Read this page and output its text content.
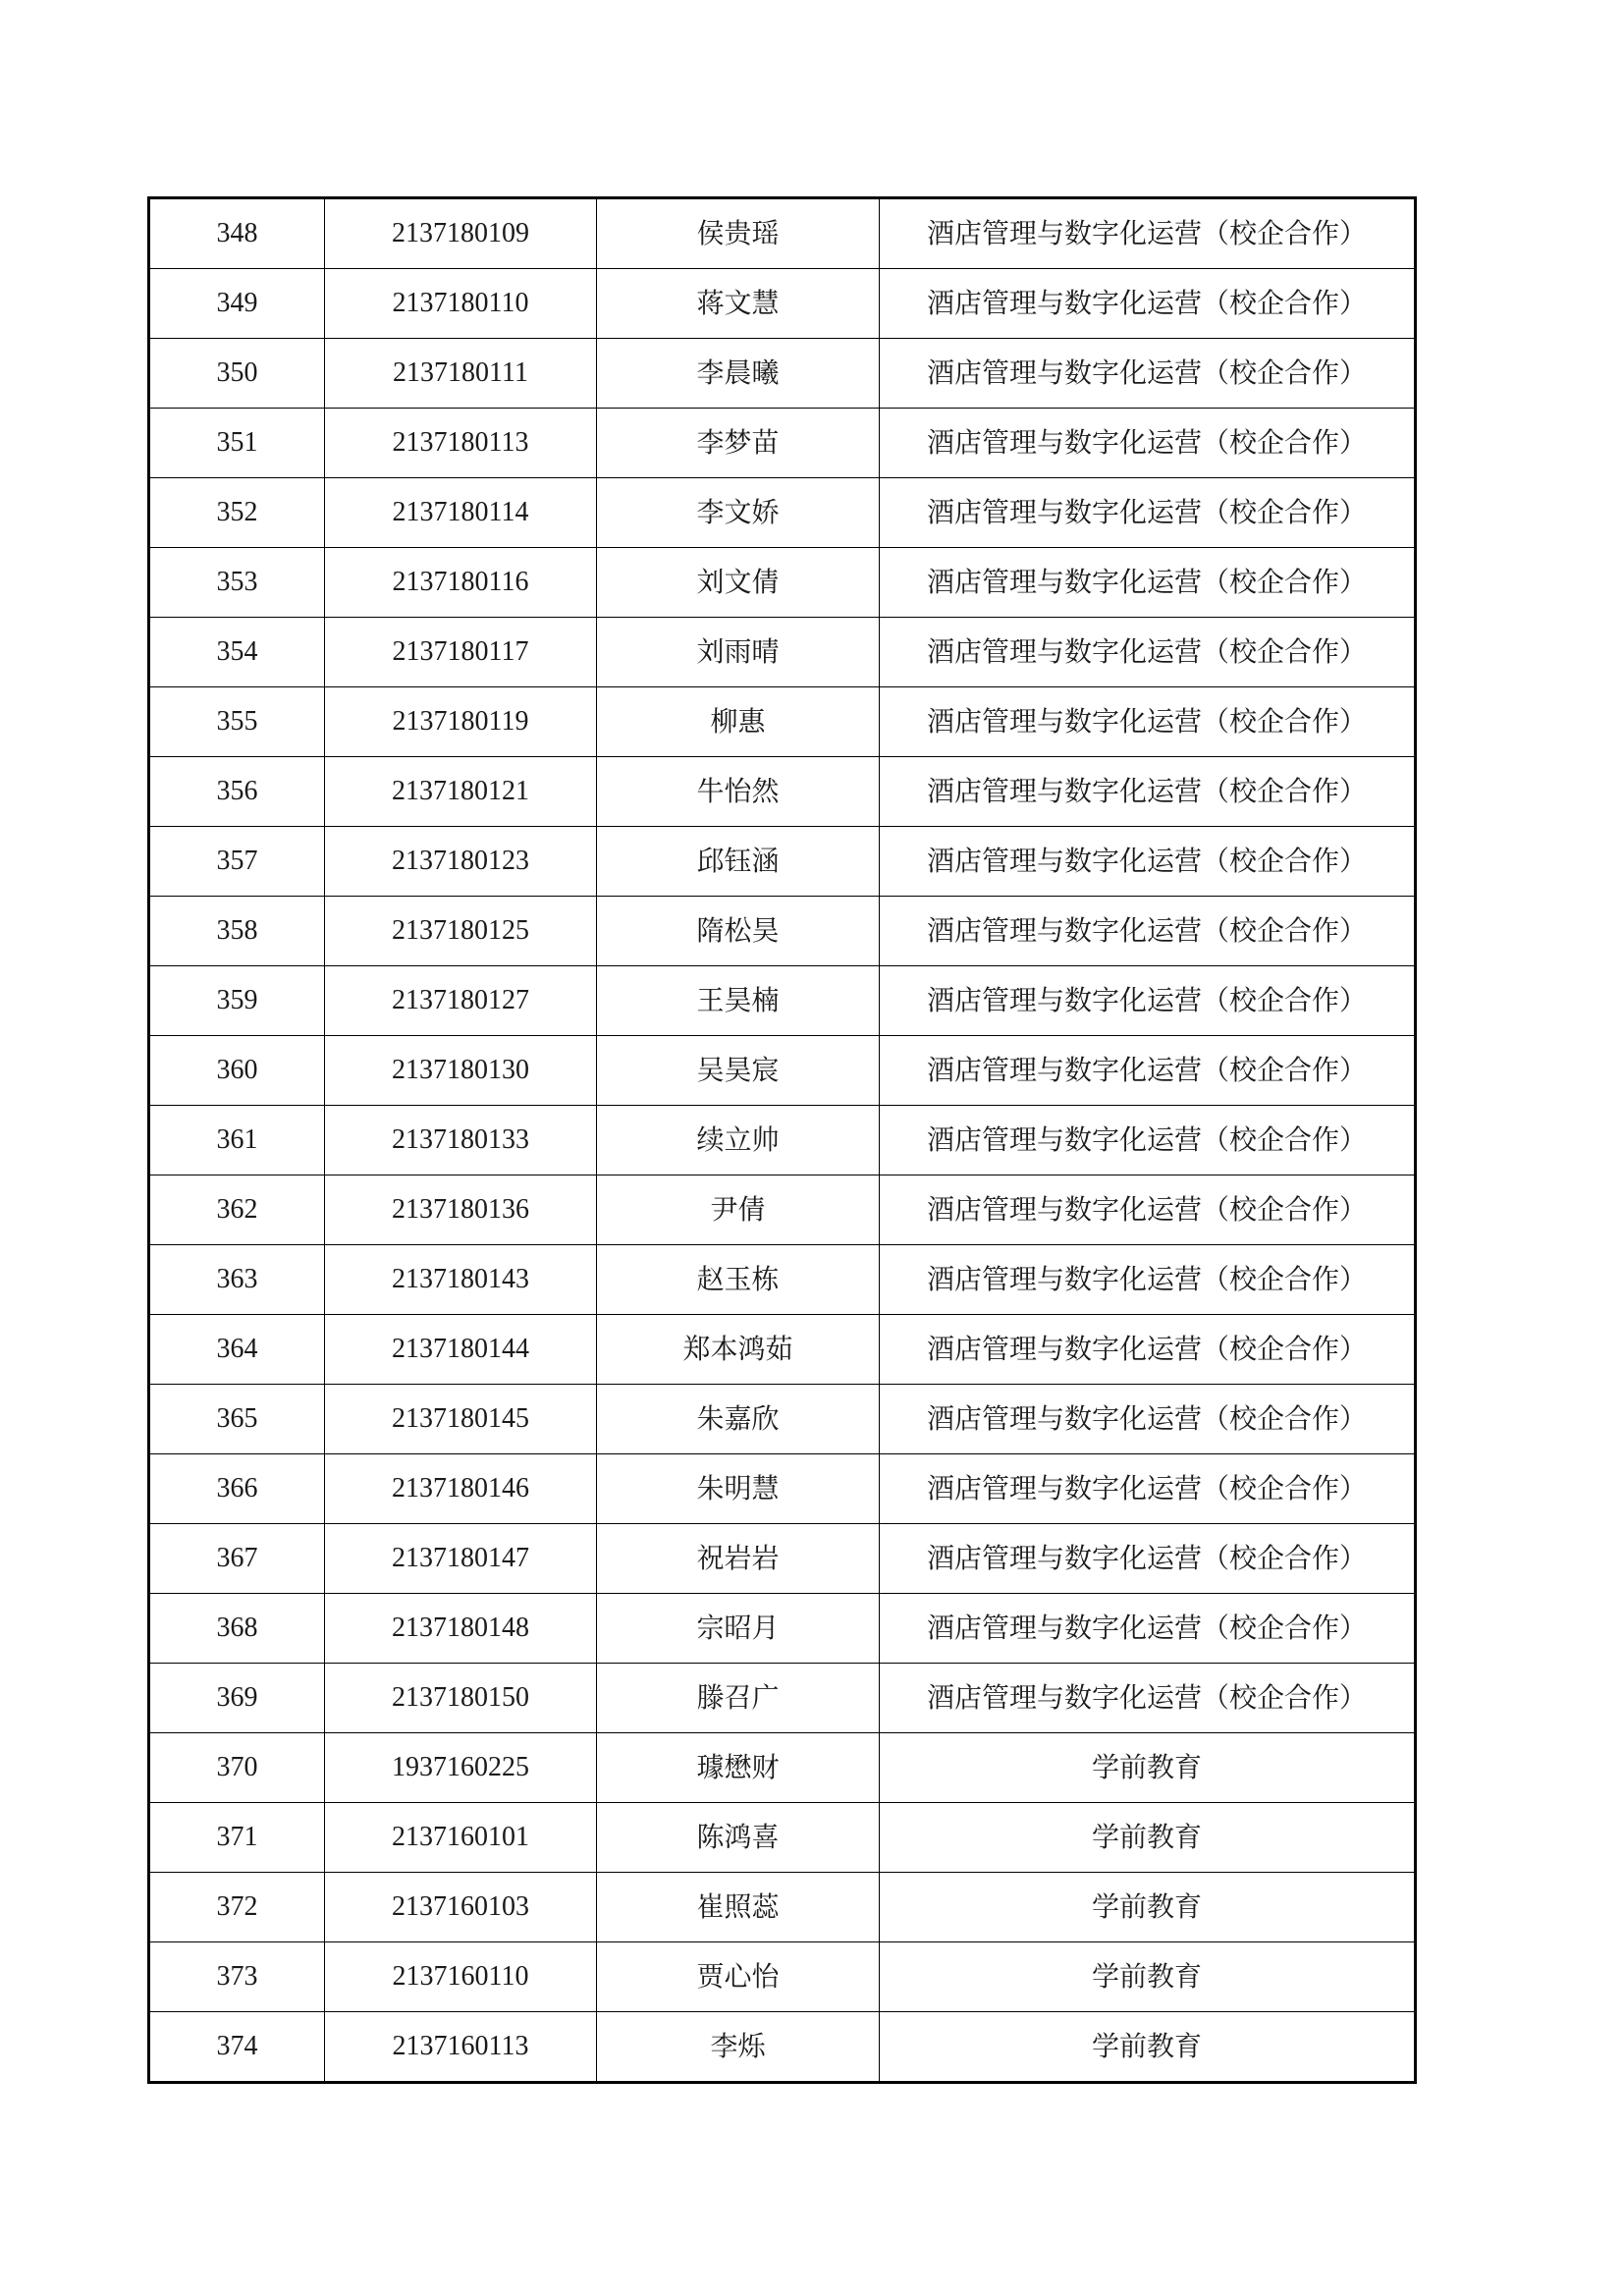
348	2137180109	侯贵瑶	酒店管理与数字化运营（校企合作）
349	2137180110	蒋文慧	酒店管理与数字化运营（校企合作）
350	2137180111	李晨曦	酒店管理与数字化运营（校企合作）
351	2137180113	李梦苗	酒店管理与数字化运营（校企合作）
352	2137180114	李文娇	酒店管理与数字化运营（校企合作）
353	2137180116	刘文倩	酒店管理与数字化运营（校企合作）
354	2137180117	刘雨晴	酒店管理与数字化运营（校企合作）
355	2137180119	柳惠	酒店管理与数字化运营（校企合作）
356	2137180121	牛怡然	酒店管理与数字化运营（校企合作）
357	2137180123	邱钰涵	酒店管理与数字化运营（校企合作）
358	2137180125	隋松昊	酒店管理与数字化运营（校企合作）
359	2137180127	王昊楠	酒店管理与数字化运营（校企合作）
360	2137180130	吴昊宸	酒店管理与数字化运营（校企合作）
361	2137180133	续立帅	酒店管理与数字化运营（校企合作）
362	2137180136	尹倩	酒店管理与数字化运营（校企合作）
363	2137180143	赵玉栋	酒店管理与数字化运营（校企合作）
364	2137180144	郑本鸿茹	酒店管理与数字化运营（校企合作）
365	2137180145	朱嘉欣	酒店管理与数字化运营（校企合作）
366	2137180146	朱明慧	酒店管理与数字化运营（校企合作）
367	2137180147	祝岩岩	酒店管理与数字化运营（校企合作）
368	2137180148	宗昭月	酒店管理与数字化运营（校企合作）
369	2137180150	滕召广	酒店管理与数字化运营（校企合作）
370	1937160225	璩懋财	学前教育
371	2137160101	陈鸿喜	学前教育
372	2137160103	崔照蕊	学前教育
373	2137160110	贾心怡	学前教育
374	2137160113	李烁	学前教育
